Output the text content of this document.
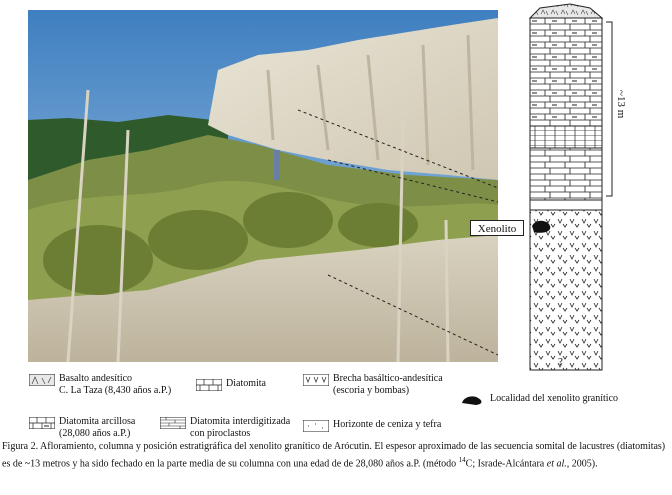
?
~13 m
Xenolito
Basalto andesítico
C. La Taza (8,430 años a.P.)
Diatomita	Brecha basáltico-andesítica
(escoria y bombas)
Localidad del xenolito granítico
Diatomita arcillosa
(28,080 años a.P.)
Diatomita interdigitizada
con piroclastos
Horizonte de ceniza y tefra
Figura 2. Afloramiento, columna y posición estratigráfica del xenolito granítico de Arócutin. El espesor aproximado de las secuencia somital de lacustres (diatomitas) es de ~13 metros y ha sido fechado en la parte media de su columna con una edad de de 28,080 años a.P. (método $^{14}$C; Israde-Alcántara et al., 2005).
